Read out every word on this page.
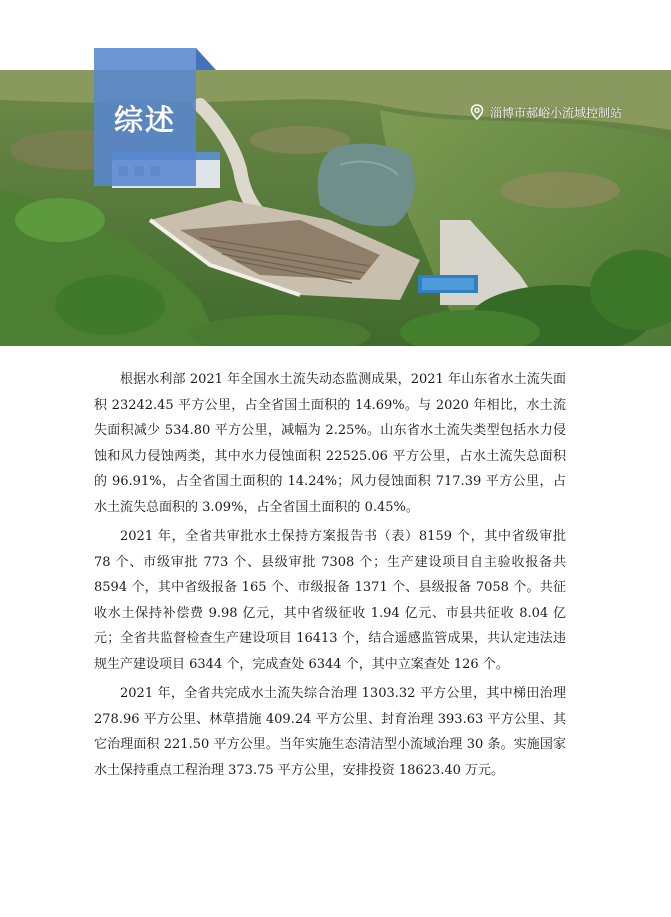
综述	淄博市郝峪小流域控制站

根据水利部 2021 年全国水土流失动态监测成果，2021 年山东省水土流失面积 23242.45 平方公里，占全省国土面积的 14.69%。与 2020 年相比，水土流失面积减少 534.80 平方公里，减幅为 2.25%。山东省水土流失类型包括水力侵蚀和风力侵蚀两类，其中水力侵蚀面积 22525.06 平方公里，占水土流失总面积的 96.91%，占全省国土面积的 14.24%；风力侵蚀面积 717.39 平方公里，占水土流失总面积的 3.09%，占全省国土面积的 0.45%。

2021 年，全省共审批水土保持方案报告书（表）8159 个，其中省级审批 78 个、市级审批 773 个、县级审批 7308 个；生产建设项目自主验收报备共 8594 个，其中省级报备 165 个、市级报备 1371 个、县级报备 7058 个。共征收水土保持补偿费 9.98 亿元，其中省级征收 1.94 亿元、市县共征收 8.04 亿元；全省共监督检查生产建设项目 16413 个，结合遥感监管成果，共认定违法违规生产建设项目 6344 个，完成查处 6344 个，其中立案查处 126 个。

2021 年，全省共完成水土流失综合治理 1303.32 平方公里，其中梯田治理 278.96 平方公里、林草措施 409.24 平方公里、封育治理 393.63 平方公里、其它治理面积 221.50 平方公里。当年实施生态清洁型小流域治理 30 条。实施国家水土保持重点工程治理 373.75 平方公里，安排投资 18623.40 万元。
